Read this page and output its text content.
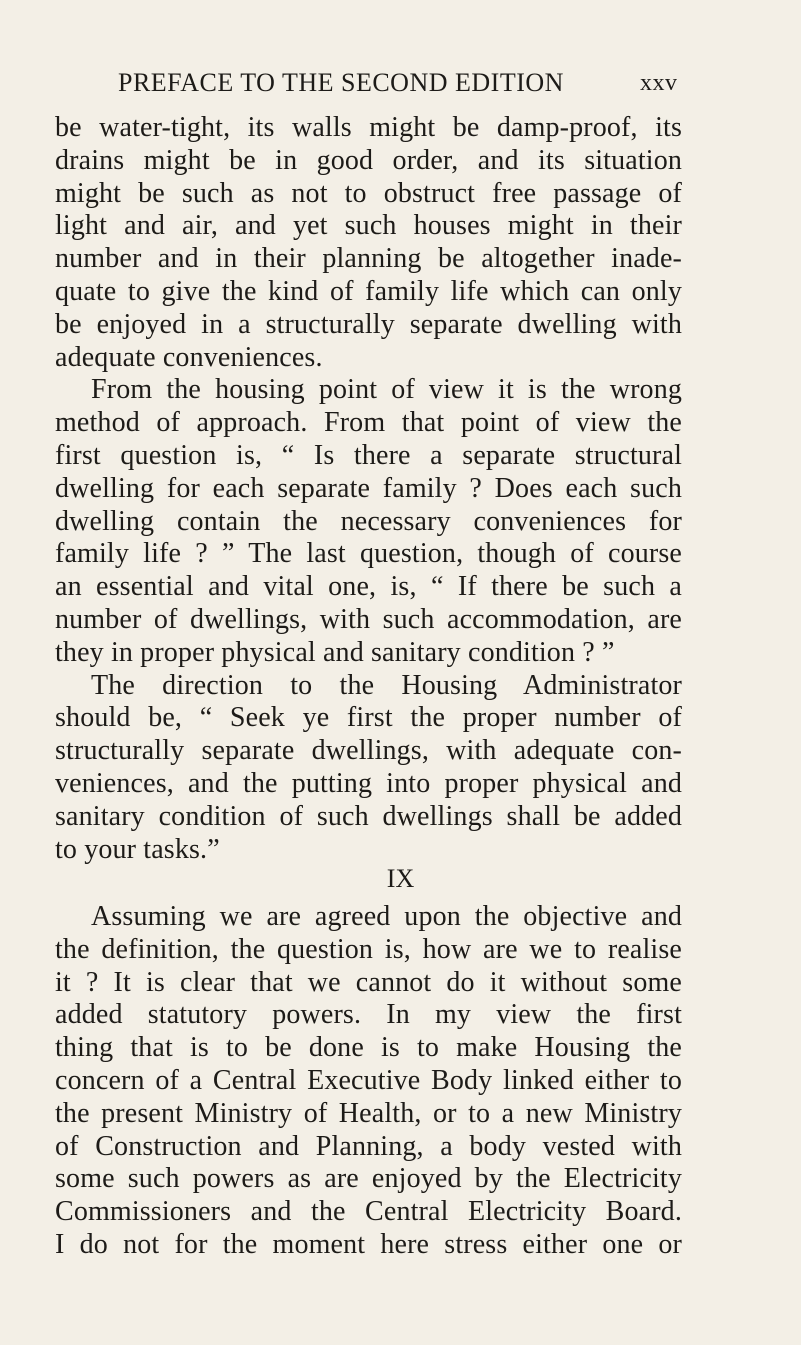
PREFACE TO THE SECOND EDITION	xxv
be water-tight, its walls might be damp-proof, its
drains might be in good order, and its situation
might be such as not to obstruct free passage of
light and air, and yet such houses might in their
number and in their planning be altogether inade-
quate to give the kind of family life which can only
be enjoyed in a structurally separate dwelling with
adequate conveniences.
From the housing point of view it is the wrong
method of approach. From that point of view the
first question is, “ Is there a separate structural
dwelling for each separate family ? Does each such
dwelling contain the necessary conveniences for
family life ? ” The last question, though of course
an essential and vital one, is, “ If there be such a
number of dwellings, with such accommodation, are
they in proper physical and sanitary condition ? ”
The direction to the Housing Administrator
should be, “ Seek ye first the proper number of
structurally separate dwellings, with adequate con-
veniences, and the putting into proper physical and
sanitary condition of such dwellings shall be added
to your tasks.”
IX
Assuming we are agreed upon the objective and
the definition, the question is, how are we to realise
it ? It is clear that we cannot do it without some
added statutory powers. In my view the first
thing that is to be done is to make Housing the
concern of a Central Executive Body linked either to
the present Ministry of Health, or to a new Ministry
of Construction and Planning, a body vested with
some such powers as are enjoyed by the Electricity
Commissioners and the Central Electricity Board.
I do not for the moment here stress either one or
